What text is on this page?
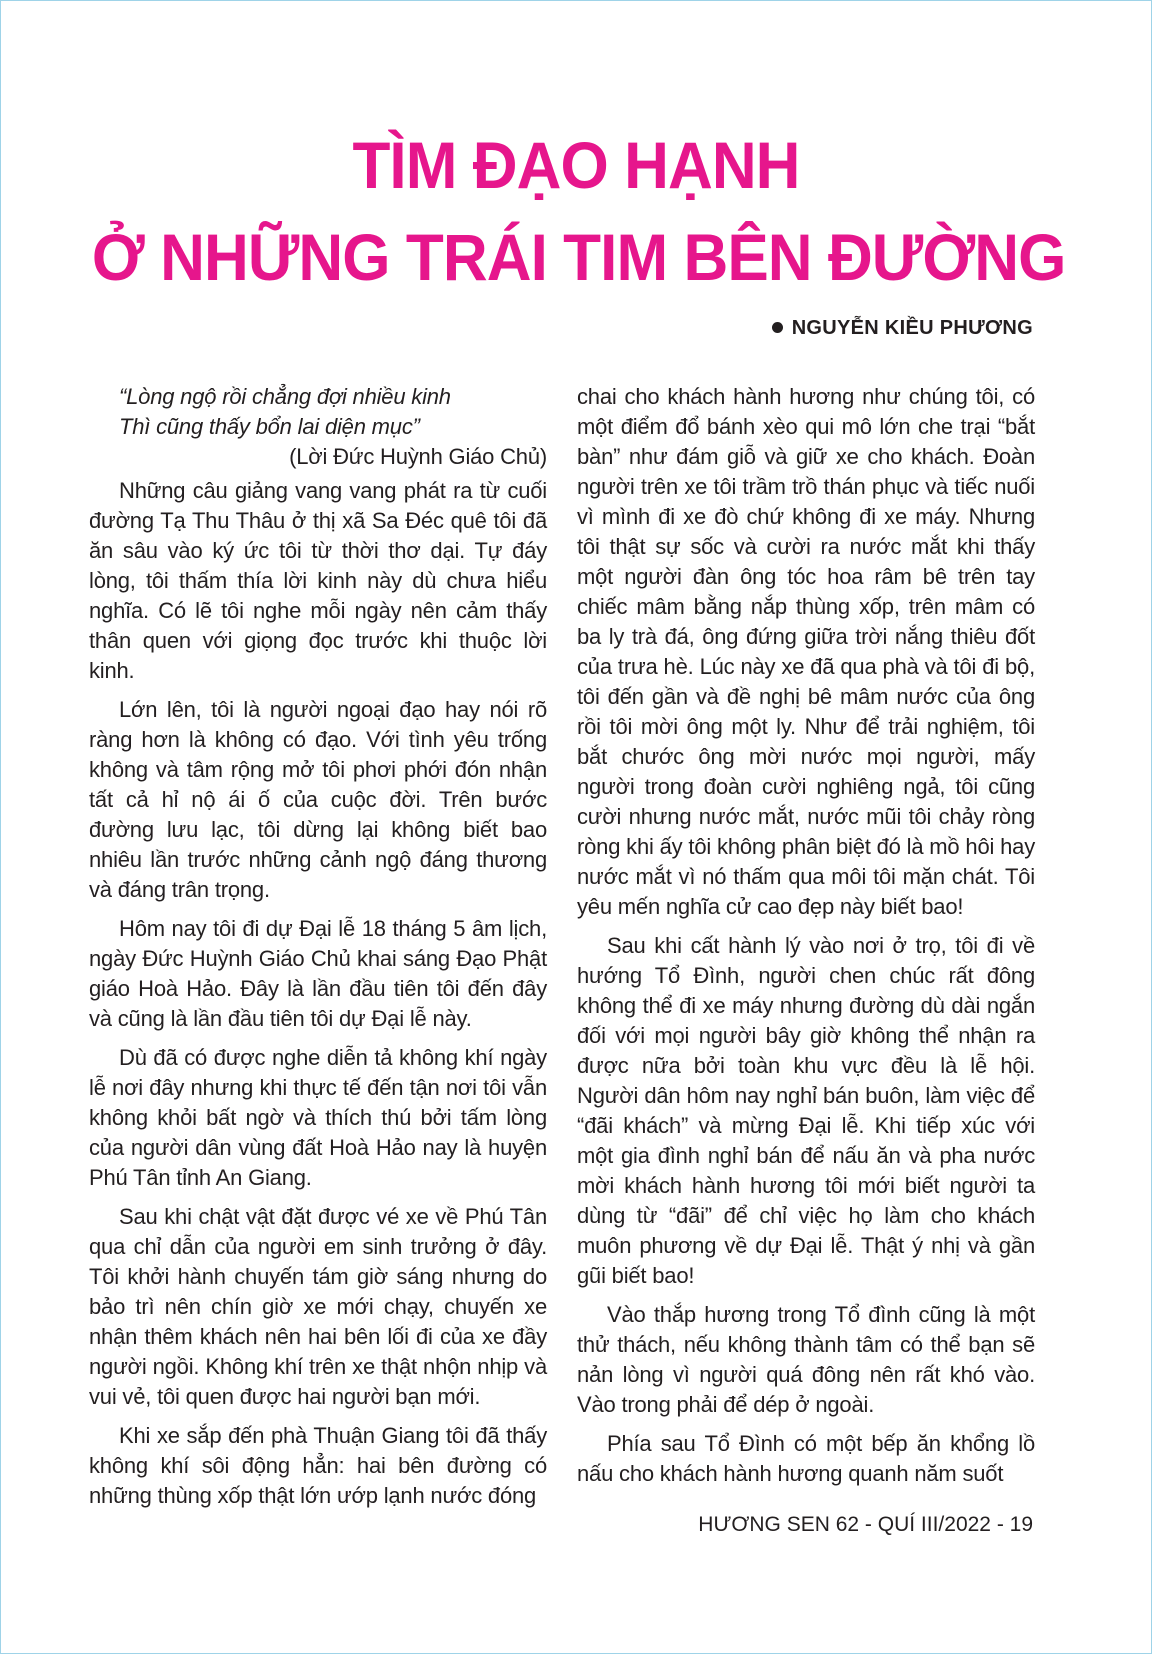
TÌM ĐẠO HẠNH
Ở NHỮNG TRÁI TIM BÊN ĐƯỜNG
NGUYỄN KIỀU PHƯƠNG
“Lòng ngộ rồi chẳng đợi nhiều kinh
Thì cũng thấy bổn lai diện mục”
(Lời Đức Huỳnh Giáo Chủ)

Những câu giảng vang vang phát ra từ cuối đường Tạ Thu Thâu ở thị xã Sa Đéc quê tôi đã ăn sâu vào ký ức tôi từ thời thơ dại. Tự đáy lòng, tôi thấm thía lời kinh này dù chưa hiểu nghĩa. Có lẽ tôi nghe mỗi ngày nên cảm thấy thân quen với giọng đọc trước khi thuộc lời kinh.

Lớn lên, tôi là người ngoại đạo hay nói rõ ràng hơn là không có đạo. Với tình yêu trống không và tâm rộng mở tôi phơi phới đón nhận tất cả hỉ nộ ái ố của cuộc đời. Trên bước đường lưu lạc, tôi dừng lại không biết bao nhiêu lần trước những cảnh ngộ đáng thương và đáng trân trọng.

Hôm nay tôi đi dự Đại lễ 18 tháng 5 âm lịch, ngày Đức Huỳnh Giáo Chủ khai sáng Đạo Phật giáo Hoà Hảo. Đây là lần đầu tiên tôi đến đây và cũng là lần đầu tiên tôi dự Đại lễ này.

Dù đã có được nghe diễn tả không khí ngày lễ nơi đây nhưng khi thực tế đến tận nơi tôi vẫn không khỏi bất ngờ và thích thú bởi tấm lòng của người dân vùng đất Hoà Hảo nay là huyện Phú Tân tỉnh An Giang.

Sau khi chật vật đặt được vé xe về Phú Tân qua chỉ dẫn của người em sinh trưởng ở đây. Tôi khởi hành chuyến tám giờ sáng nhưng do bảo trì nên chín giờ xe mới chạy, chuyến xe nhận thêm khách nên hai bên lối đi của xe đầy người ngồi. Không khí trên xe thật nhộn nhịp và vui vẻ, tôi quen được hai người bạn mới.

Khi xe sắp đến phà Thuận Giang tôi đã thấy không khí sôi động hẳn: hai bên đường có những thùng xốp thật lớn ướp lạnh nước đóng

chai cho khách hành hương như chúng tôi, có một điểm đổ bánh xèo qui mô lớn che trại “bắt bàn” như đám giỗ và giữ xe cho khách. Đoàn người trên xe tôi trầm trồ thán phục và tiếc nuối vì mình đi xe đò chứ không đi xe máy. Nhưng tôi thật sự sốc và cười ra nước mắt khi thấy một người đàn ông tóc hoa râm bê trên tay chiếc mâm bằng nắp thùng xốp, trên mâm có ba ly trà đá, ông đứng giữa trời nắng thiêu đốt của trưa hè. Lúc này xe đã qua phà và tôi đi bộ, tôi đến gần và đề nghị bê mâm nước của ông rồi tôi mời ông một ly. Như để trải nghiệm, tôi bắt chước ông mời nước mọi người, mấy người trong đoàn cười nghiêng ngả, tôi cũng cười nhưng nước mắt, nước mũi tôi chảy ròng ròng khi ấy tôi không phân biệt đó là mồ hôi hay nước mắt vì nó thấm qua môi tôi mặn chát. Tôi yêu mến nghĩa cử cao đẹp này biết bao!

Sau khi cất hành lý vào nơi ở trọ, tôi đi về hướng Tổ Đình, người chen chúc rất đông không thể đi xe máy nhưng đường dù dài ngắn đối với mọi người bây giờ không thể nhận ra được nữa bởi toàn khu vực đều là lễ hội. Người dân hôm nay nghỉ bán buôn, làm việc để “đãi khách” và mừng Đại lễ. Khi tiếp xúc với một gia đình nghỉ bán để nấu ăn và pha nước mời khách hành hương tôi mới biết người ta dùng từ “đãi” để chỉ việc họ làm cho khách muôn phương về dự Đại lễ. Thật ý nhị và gần gũi biết bao!

Vào thắp hương trong Tổ đình cũng là một thử thách, nếu không thành tâm có thể bạn sẽ nản lòng vì người quá đông nên rất khó vào. Vào trong phải để dép ở ngoài.

Phía sau Tổ Đình có một bếp ăn khổng lồ nấu cho khách hành hương quanh năm suốt

HƯƠNG SEN 62 - QUÍ III/2022 - 19
